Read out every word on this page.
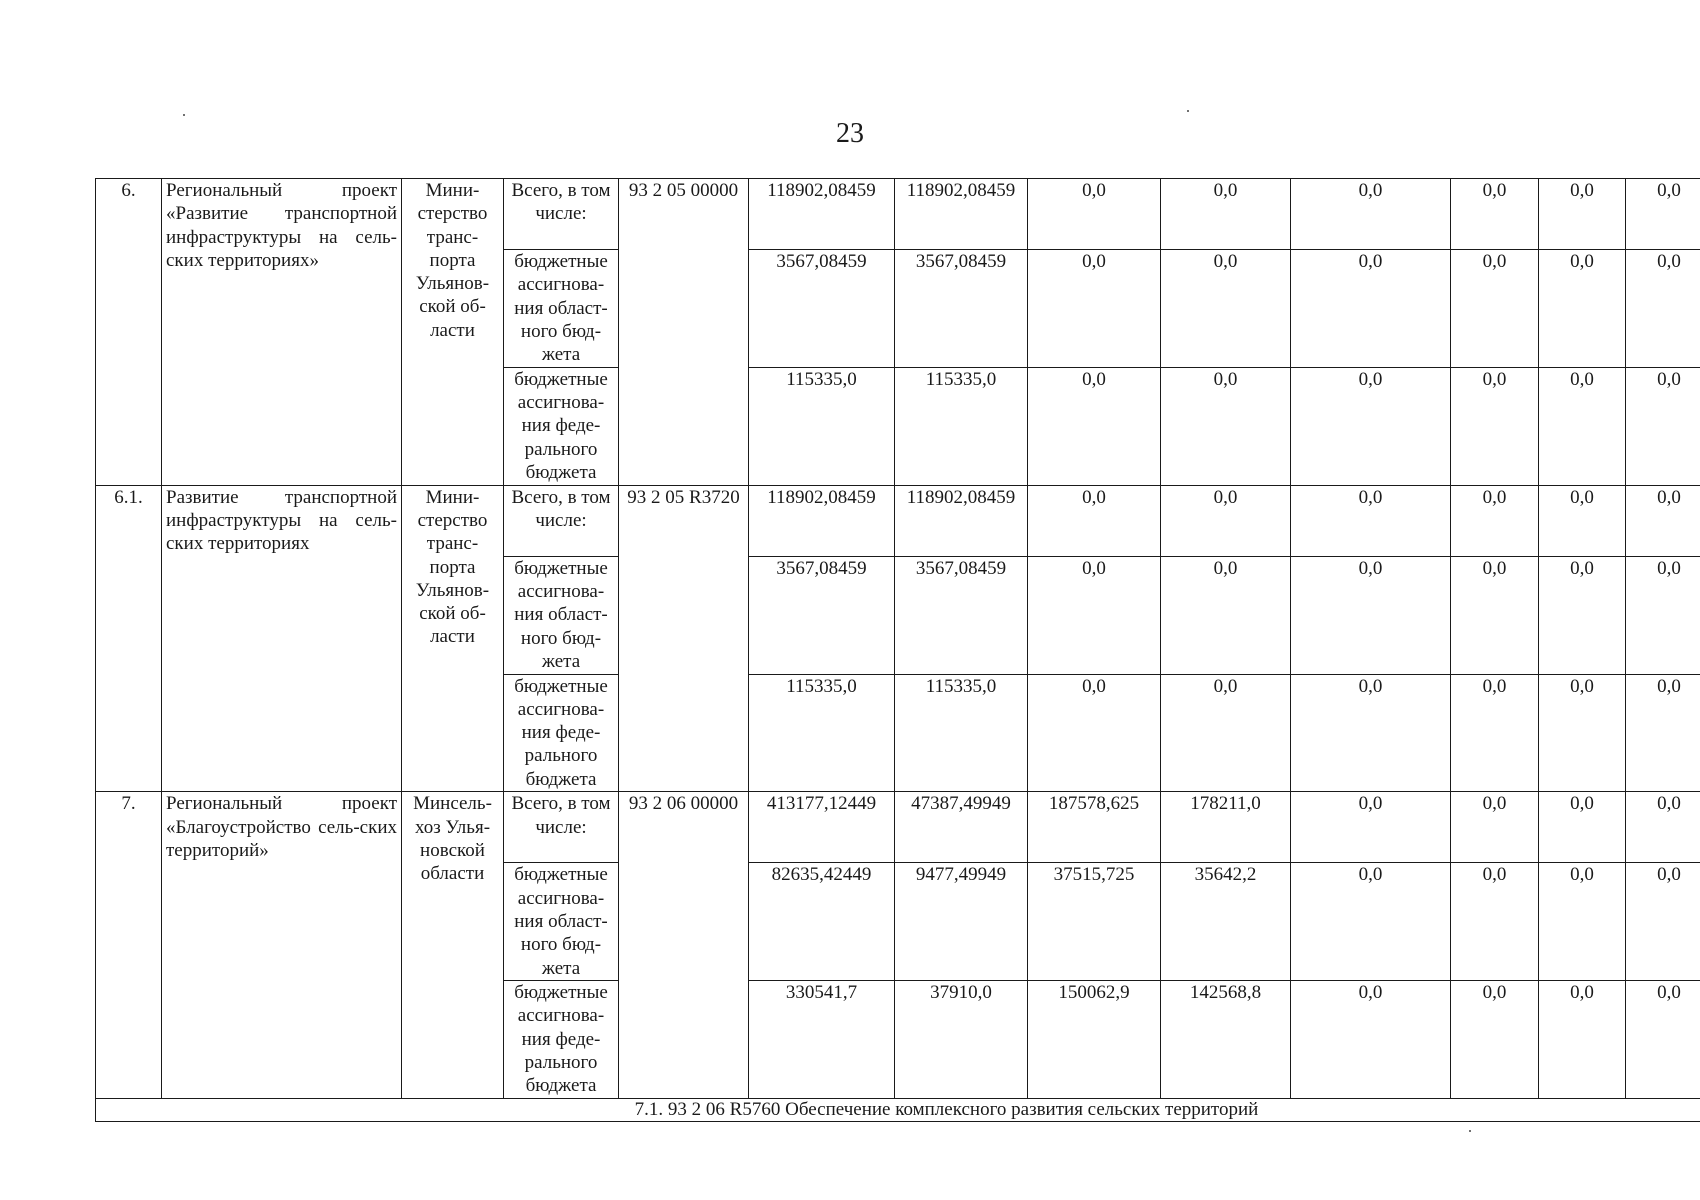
23
6.	Региональный проект «Развитие транспортной инфраструктуры на сель-ских территориях»	Мини-стерство транс-порта Ульянов-ской об-ласти	Всего, в том числе:	93 2 05 00000	118902,08459	118902,08459	0,0	0,0	0,0	0,0	0,0	0,0
			бюджетные ассигнова-ния област-ного бюд-жета		3567,08459	3567,08459	0,0	0,0	0,0	0,0	0,0	0,0
			бюджетные ассигнова-ния феде-рального бюджета		115335,0	115335,0	0,0	0,0	0,0	0,0	0,0	0,0
6.1.	Развитие транспортной инфраструктуры на сель-ских территориях	Мини-стерство транс-порта Ульянов-ской об-ласти	Всего, в том числе:	93 2 05 R3720	118902,08459	118902,08459	0,0	0,0	0,0	0,0	0,0	0,0
			бюджетные ассигнова-ния област-ного бюд-жета		3567,08459	3567,08459	0,0	0,0	0,0	0,0	0,0	0,0
			бюджетные ассигнова-ния феде-рального бюджета		115335,0	115335,0	0,0	0,0	0,0	0,0	0,0	0,0
7.	Региональный проект «Благоустройство сель-ских территорий»	Минсель-хоз Улья-новской области	Всего, в том числе:	93 2 06 00000	413177,12449	47387,49949	187578,625	178211,0	0,0	0,0	0,0	0,0
			бюджетные ассигнова-ния област-ного бюд-жета		82635,42449	9477,49949	37515,725	35642,2	0,0	0,0	0,0	0,0
			бюджетные ассигнова-ния феде-рального бюджета		330541,7	37910,0	150062,9	142568,8	0,0	0,0	0,0	0,0
7.1. 93 2 06 R5760 Обеспечение комплексного развития сельских территорий												
